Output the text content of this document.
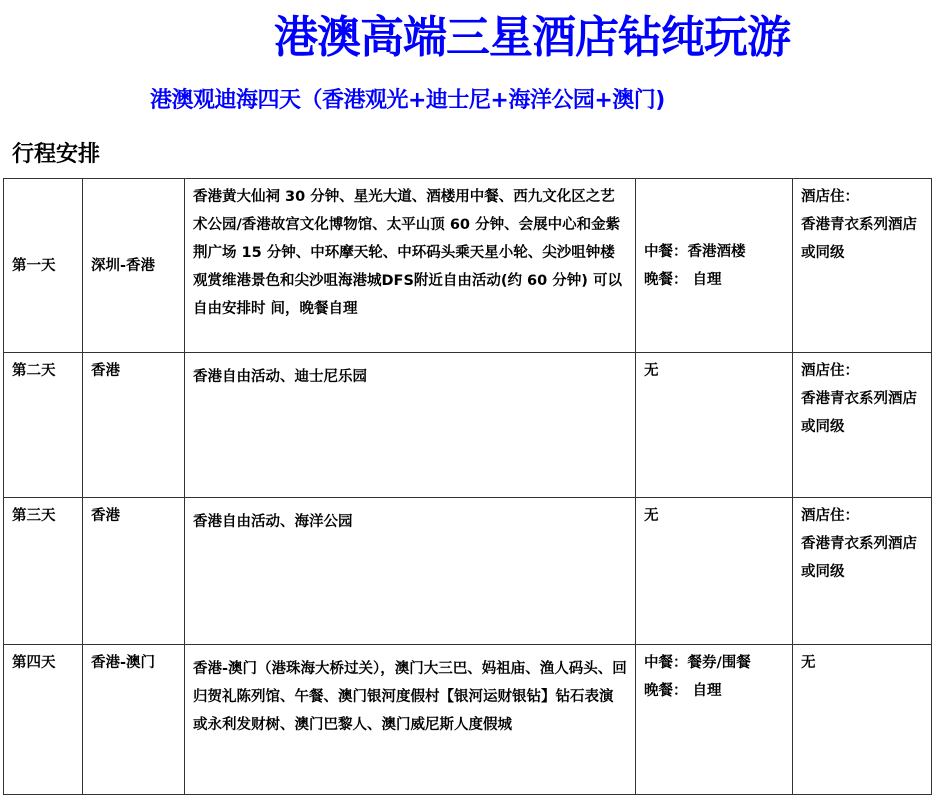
港澳高端三星酒店钻纯玩游
港澳观迪海四天（香港观光+迪士尼+海洋公园+澳门)
行程安排
第一天	深圳-香港	香港黄大仙祠 30 分钟、星光大道、酒楼用中餐、西九文化区之艺术公园/香港故宫文化博物馆、太平山顶 60 分钟、会展中心和金紫荆广场 15 分钟、中环摩天轮、中环码头乘天星小轮、尖沙咀钟楼观赏维港景色和尖沙咀海港城DFS附近自由活动(约 60 分钟) 可以自由安排时 间，晚餐自理	中餐：香港酒楼
晚餐： 自理	酒店住：
香港青衣系列酒店或同级

第二天	香港	香港自由活动、迪士尼乐园	无	酒店住：
香港青衣系列酒店或同级

第三天	香港	香港自由活动、海洋公园	无	酒店住：
香港青衣系列酒店或同级

第四天	香港-澳门	香港-澳门（港珠海大桥过关），澳门大三巴、妈祖庙、渔人码头、回归贺礼陈列馆、午餐、澳门银河度假村【银河运财银钻】钻石表演或永利发财树、澳门巴黎人、澳门威尼斯人度假城	中餐：餐券/围餐
晚餐： 自理	无
